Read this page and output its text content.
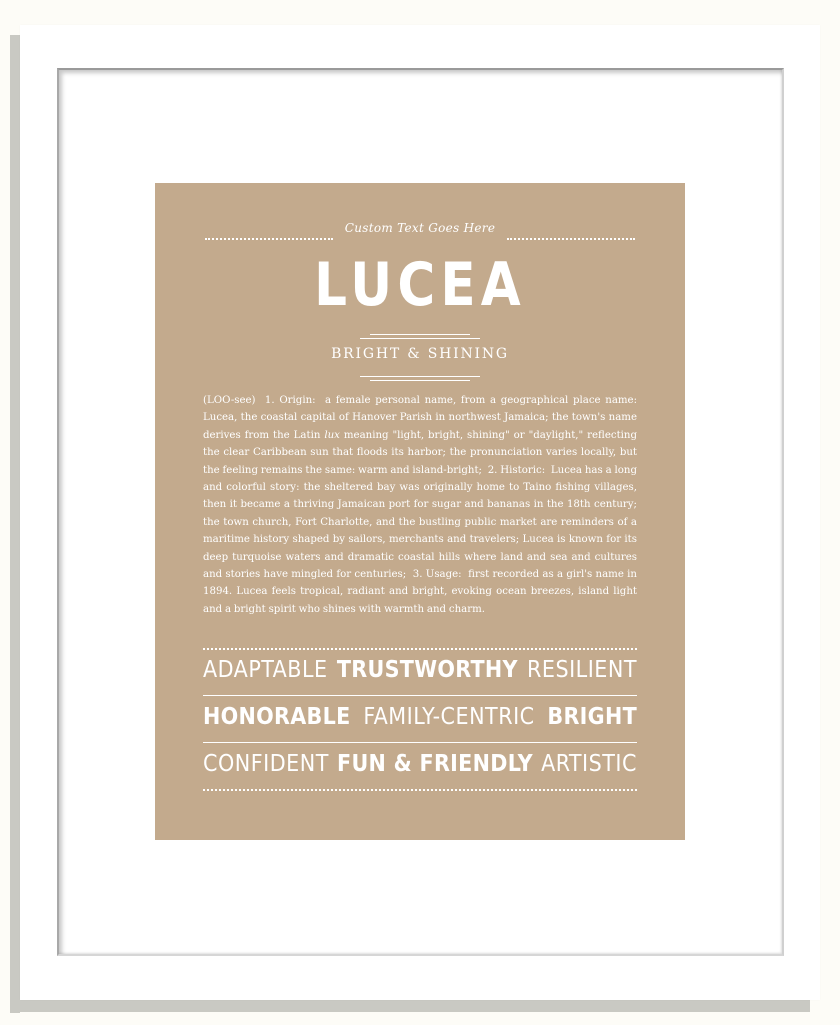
Custom Text Goes Here
LUCEA
BRIGHT & SHINING
(LOO-see) 1. Origin: a female personal name, from a geographical place name: Lucea, the coastal capital of Hanover Parish in northwest Jamaica; the town's name derives from the Latin lux meaning "light, bright, shining" or "daylight," reflecting the clear Caribbean sun that floods its harbor; the pronunciation varies locally, but the feeling remains the same: warm and island-bright; 2. Historic: Lucea has a long and colorful story: the sheltered bay was originally home to Taino fishing villages, then it became a thriving Jamaican port for sugar and bananas in the 18th century; the town church, Fort Charlotte, and the bustling public market are reminders of a maritime history shaped by sailors, merchants and travelers; Lucea is known for its deep turquoise waters and dramatic coastal hills where land and sea and cultures and stories have mingled for centuries; 3. Usage: first recorded as a girl's name in 1894. Lucea feels tropical, radiant and bright, evoking ocean breezes, island light and a bright spirit who shines with warmth and charm.
ADAPTABLE TRUSTWORTHY RESILIENT
HONORABLE FAMILY-CENTRIC BRIGHT
CONFIDENT FUN & FRIENDLY ARTISTIC
